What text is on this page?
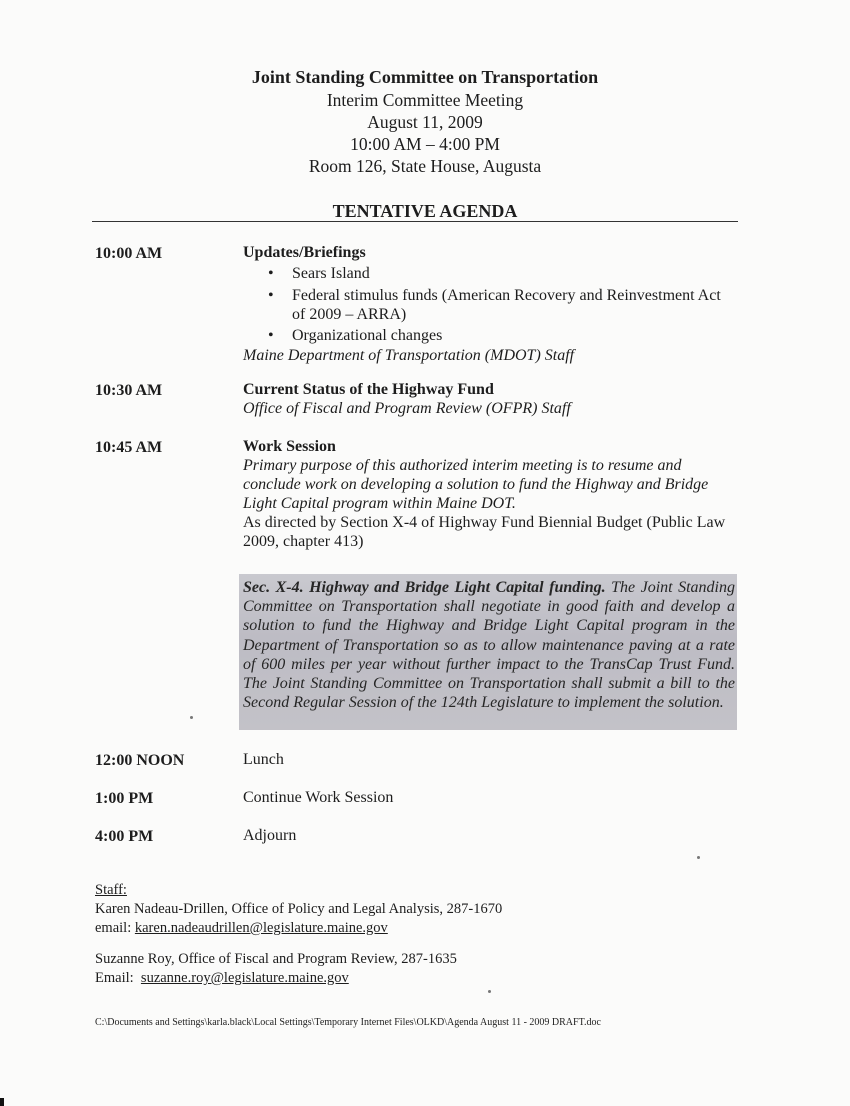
Joint Standing Committee on Transportation
Interim Committee Meeting
August 11, 2009
10:00 AM – 4:00 PM
Room 126, State House, Augusta
TENTATIVE AGENDA
10:00 AM	Updates/Briefings
• Sears Island
• Federal stimulus funds (American Recovery and Reinvestment Act of 2009 – ARRA)
• Organizational changes
Maine Department of Transportation (MDOT) Staff
10:30 AM	Current Status of the Highway Fund
Office of Fiscal and Program Review (OFPR) Staff
10:45 AM	Work Session
Primary purpose of this authorized interim meeting is to resume and conclude work on developing a solution to fund the Highway and Bridge Light Capital program within Maine DOT.
As directed by Section X-4 of Highway Fund Biennial Budget (Public Law 2009, chapter 413)
Sec. X-4. Highway and Bridge Light Capital funding. The Joint Standing Committee on Transportation shall negotiate in good faith and develop a solution to fund the Highway and Bridge Light Capital program in the Department of Transportation so as to allow maintenance paving at a rate of 600 miles per year without further impact to the TransCap Trust Fund. The Joint Standing Committee on Transportation shall submit a bill to the Second Regular Session of the 124th Legislature to implement the solution.
12:00 NOON	Lunch
1:00 PM	Continue Work Session
4:00 PM	Adjourn
Staff:
Karen Nadeau-Drillen, Office of Policy and Legal Analysis, 287-1670
email: karen.nadeaudrillen@legislature.maine.gov
Suzanne Roy, Office of Fiscal and Program Review, 287-1635
Email: suzanne.roy@legislature.maine.gov
C:\Documents and Settings\karla.black\Local Settings\Temporary Internet Files\OLKD\Agenda August 11 - 2009 DRAFT.doc
